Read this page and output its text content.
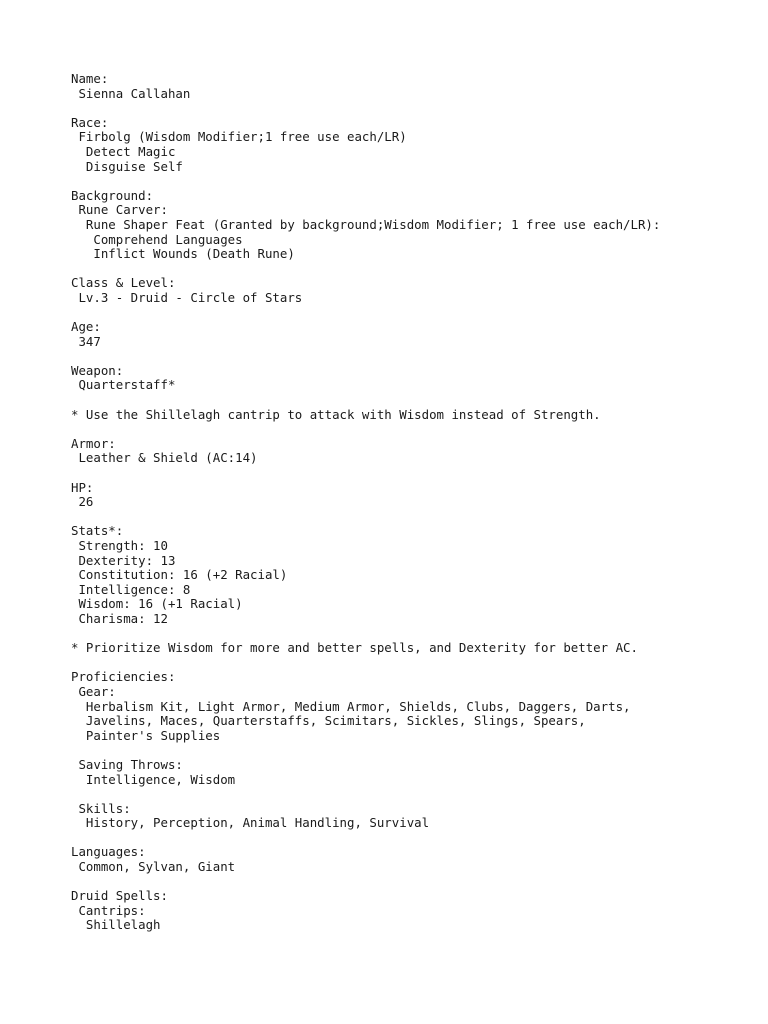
Name:
Sienna Callahan
Race:
Firbolg (Wisdom Modifier;1 free use each/LR)
Detect Magic
Disguise Self
Background:
Rune Carver:
Rune Shaper Feat (Granted by background;Wisdom Modifier; 1 free use each/LR):
Comprehend Languages
Inflict Wounds (Death Rune)
Class & Level:
Lv.3 - Druid - Circle of Stars
Age:
347
Weapon:
Quarterstaff*
* Use the Shillelagh cantrip to attack with Wisdom instead of Strength.
Armor:
Leather & Shield (AC:14)
HP:
26
Stats*:
Strength: 10
Dexterity: 13
Constitution: 16 (+2 Racial)
Intelligence: 8
Wisdom: 16 (+1 Racial)
Charisma: 12
* Prioritize Wisdom for more and better spells, and Dexterity for better AC.
Proficiencies:
Gear:
Herbalism Kit, Light Armor, Medium Armor, Shields, Clubs, Daggers, Darts,
Javelins, Maces, Quarterstaffs, Scimitars, Sickles, Slings, Spears,
Painter's Supplies
Saving Throws:
Intelligence, Wisdom
Skills:
History, Perception, Animal Handling, Survival
Languages:
Common, Sylvan, Giant
Druid Spells:
Cantrips:
Shillelagh
